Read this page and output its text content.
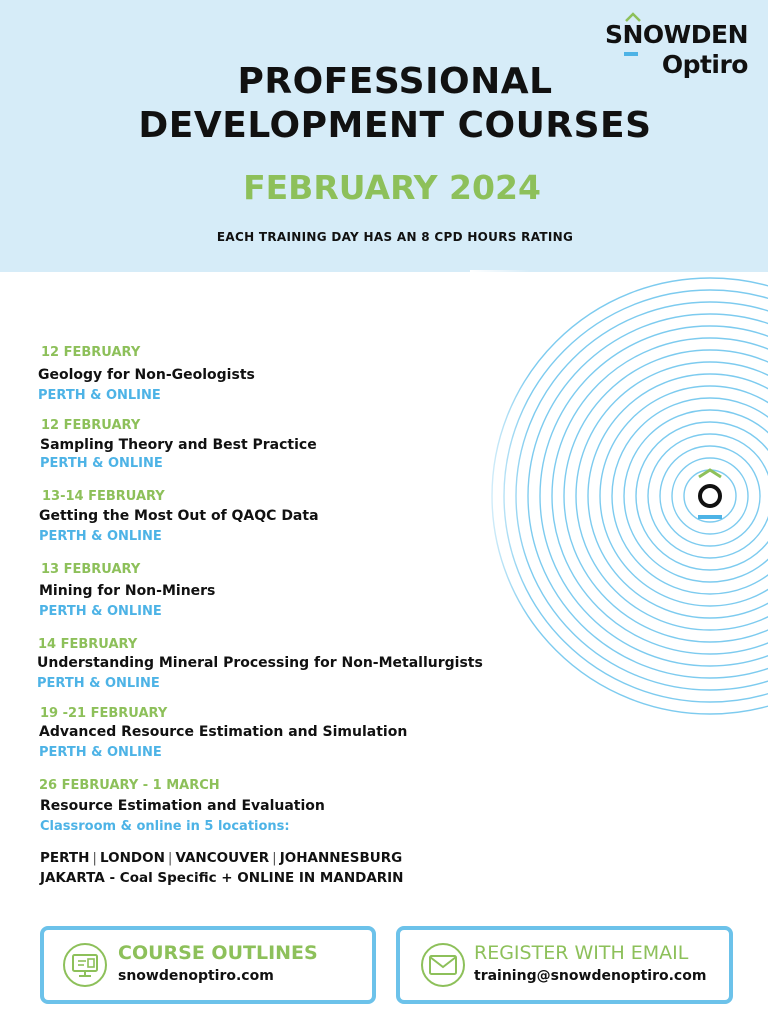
SNOWDEN
Optiro
PROFESSIONAL
DEVELOPMENT COURSES
FEBRUARY 2024
EACH TRAINING DAY HAS AN 8 CPD HOURS RATING
12 FEBRUARY
Geology for Non-Geologists
PERTH & ONLINE
12 FEBRUARY
Sampling Theory and Best Practice
PERTH & ONLINE
13-14 FEBRUARY
Getting the Most Out of QAQC Data
PERTH & ONLINE
13 FEBRUARY
Mining for Non-Miners
PERTH & ONLINE
14 FEBRUARY
Understanding Mineral Processing for Non-Metallurgists
PERTH & ONLINE
19 -21 FEBRUARY
Advanced Resource Estimation and Simulation
PERTH & ONLINE
26 FEBRUARY - 1 MARCH
Resource Estimation and Evaluation
Classroom & online in 5 locations:
PERTH | LONDON | VANCOUVER | JOHANNESBURG
JAKARTA - Coal Specific + ONLINE IN MANDARIN
COURSE OUTLINES
snowdenoptiro.com
REGISTER WITH EMAIL
training@snowdenoptiro.com
